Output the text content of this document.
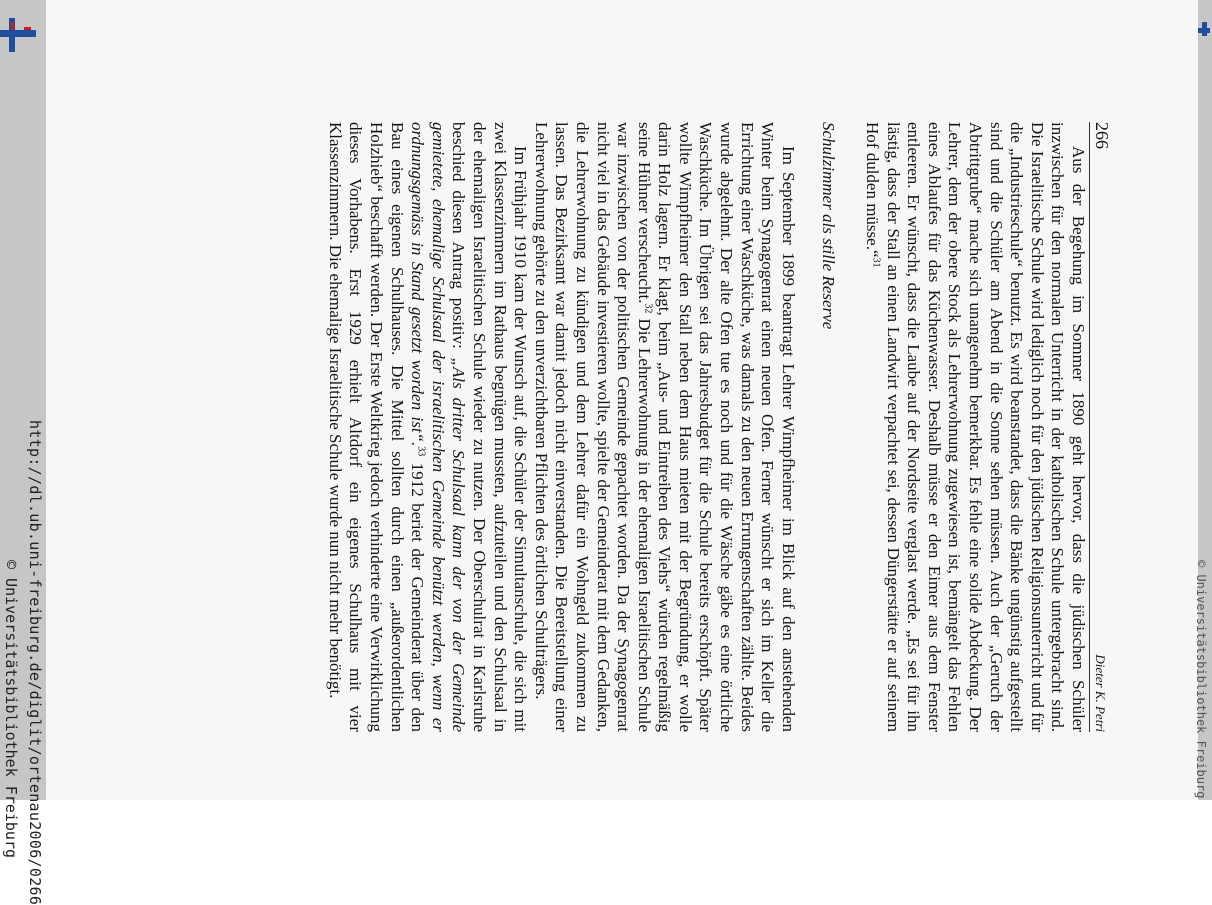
http://dl.ub.uni-freiburg.de/diglit/ortenau2006/0266
© Universitätsbibliothek Freiburg	© Universitätsbibliothek Freiburg
266
Dieter K. Petri

Aus der Begehung im Sommer 1890 geht hervor, dass die jüdischen Schüler inzwischen für den normalen Unterricht in der katholischen Schule untergebracht sind. Die Israelitische Schule wird lediglich noch für den jüdischen Religionsunterricht und für die „Industrieschule“ benutzt. Es wird beanstandet, dass die Bänke ungünstig aufgestellt sind und die Schüler am Abend in die Sonne sehen müssen. Auch der „Geruch der Abtrittgrube“ mache sich unangenehm bemerkbar. Es fehle eine solide Abdeckung. Der Lehrer, dem der obere Stock als Lehrerwohnung zugewiesen ist, bemängelt das Fehlen eines Ablaufes für das Küchenwasser. Deshalb müsse er den Eimer aus dem Fenster entleeren. Er wünscht, dass die Laube auf der Nordseite verglast werde. „Es sei für ihn lästig, dass der Stall an einen Landwirt verpachtet sei, dessen Düngerstätte er auf seinem Hof dulden müsse.“$^{31}$

Schulzimmer als stille Reserve

Im September 1899 beantragt Lehrer Wimpfheimer im Blick auf den anstehenden Winter beim Synagogenrat einen neuen Ofen. Ferner wünscht er sich im Keller die Errichtung einer Waschküche, was damals zu den neuen Errungenschaften zählte. Beides wurde abgelehnt. Der alte Ofen tue es noch und für die Wäsche gäbe es eine örtliche Waschküche. Im Übrigen sei das Jahresbudget für die Schule bereits erschöpft. Später wollte Wimpfheimer den Stall neben dem Haus mieten mit der Begründung, er wolle darin Holz lagern. Er klagt, beim „Aus- und Eintreiben des Viehs“ würden regelmäßig seine Hühner verscheucht.$^{32}$ Die Lehrerwohnung in der ehemaligen Israelitischen Schule war inzwischen von der politischen Gemeinde gepachtet worden. Da der Synagogenrat nicht viel in das Gebäude investieren wollte, spielte der Gemeinderat mit dem Gedanken, die Lehrerwohnung zu kündigen und dem Lehrer dafür ein Wohngeld zukommen zu lassen. Das Bezirksamt war damit jedoch nicht einverstanden. Die Bereitstellung einer Lehrerwohnung gehörte zu den unverzichtbaren Pflichten des örtlichen Schulträgers.

Im Frühjahr 1910 kam der Wunsch auf, die Schüler der Simultanschule, die sich mit zwei Klassenzimmern im Rathaus begnügen mussten, aufzuteilen und den Schulsaal in der ehemaligen Israelitischen Schule wieder zu nutzen. Der Oberschulrat in Karlsruhe beschied diesen Antrag positiv: „Als dritter Schulsaal kann der von der Gemeinde gemietete, ehemalige Schulsaal der israelitischen Gemeinde benützt werden, wenn er ordnungsgemäss in Stand gesetzt worden ist“.$^{33}$ 1912 beriet der Gemeinderat über den Bau eines eigenen Schulhauses. Die Mittel sollten durch einen „außerordentlichen Holzhieb“ beschafft werden. Der Erste Weltkrieg jedoch verhinderte eine Verwirklichung dieses Vorhabens. Erst 1929 erhielt Altdorf ein eigenes Schulhaus mit vier Klassenzimmern. Die ehemalige Israelitische Schule wurde nun nicht mehr benötigt.
